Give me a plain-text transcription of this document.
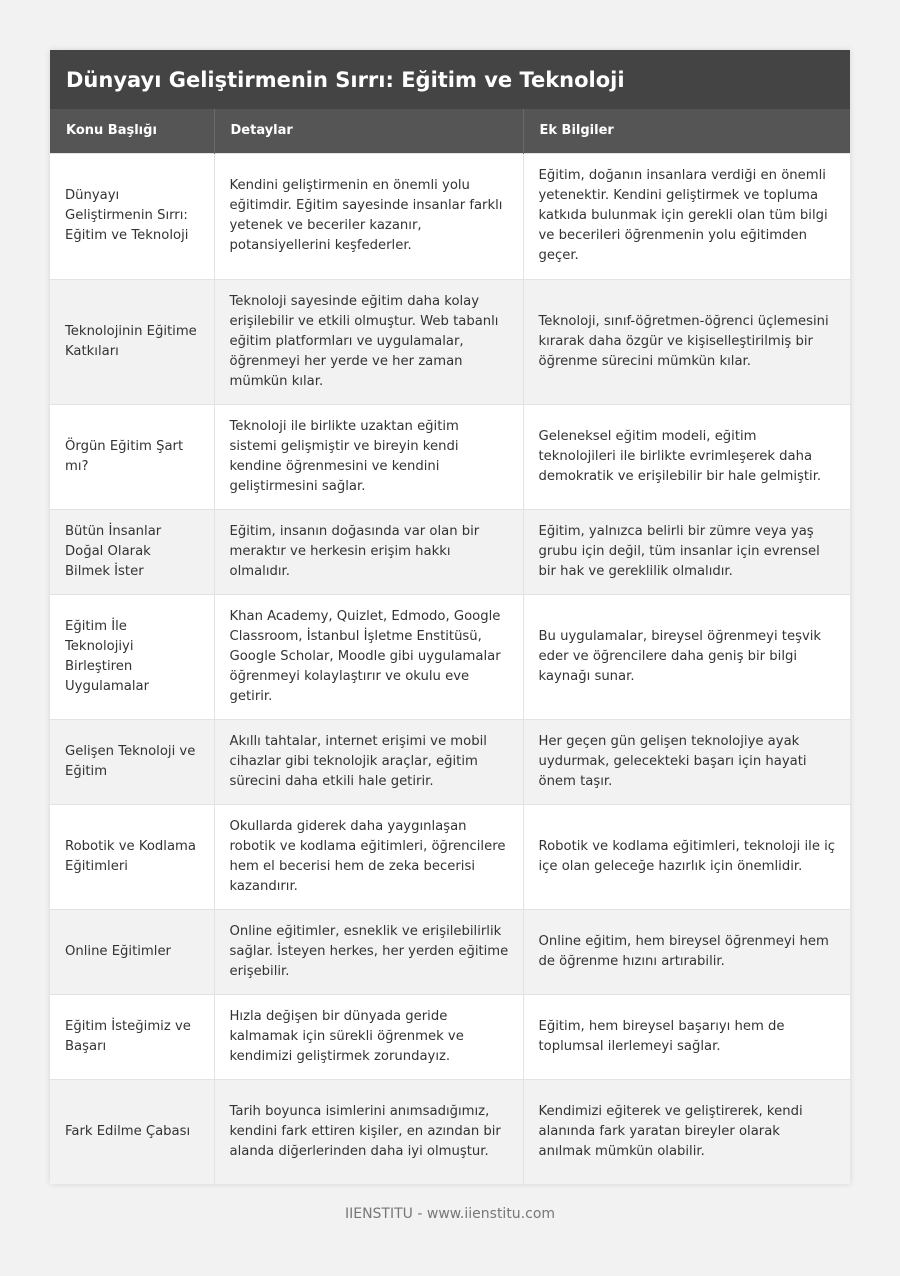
Dünyayı Geliştirmenin Sırrı: Eğitim ve Teknoloji
Konu Başlığı	Detaylar	Ek Bilgiler
Dünyayı Geliştirmenin Sırrı: Eğitim ve Teknoloji	Kendini geliştirmenin en önemli yolu eğitimdir. Eğitim sayesinde insanlar farklı yetenek ve beceriler kazanır, potansiyellerini keşfederler.	Eğitim, doğanın insanlara verdiği en önemli yetenektir. Kendini geliştirmek ve topluma katkıda bulunmak için gerekli olan tüm bilgi ve becerileri öğrenmenin yolu eğitimden geçer.
Teknolojinin Eğitime Katkıları	Teknoloji sayesinde eğitim daha kolay erişilebilir ve etkili olmuştur. Web tabanlı eğitim platformları ve uygulamalar, öğrenmeyi her yerde ve her zaman mümkün kılar.	Teknoloji, sınıf-öğretmen-öğrenci üçlemesini kırarak daha özgür ve kişiselleştirilmiş bir öğrenme sürecini mümkün kılar.
Örgün Eğitim Şart mı?	Teknoloji ile birlikte uzaktan eğitim sistemi gelişmiştir ve bireyin kendi kendine öğrenmesini ve kendini geliştirmesini sağlar.	Geleneksel eğitim modeli, eğitim teknolojileri ile birlikte evrimleşerek daha demokratik ve erişilebilir bir hale gelmiştir.
Bütün İnsanlar Doğal Olarak Bilmek İster	Eğitim, insanın doğasında var olan bir meraktır ve herkesin erişim hakkı olmalıdır.	Eğitim, yalnızca belirli bir zümre veya yaş grubu için değil, tüm insanlar için evrensel bir hak ve gereklilik olmalıdır.
Eğitim İle Teknolojiyi Birleştiren Uygulamalar	Khan Academy, Quizlet, Edmodo, Google Classroom, İstanbul İşletme Enstitüsü, Google Scholar, Moodle gibi uygulamalar öğrenmeyi kolaylaştırır ve okulu eve getirir.	Bu uygulamalar, bireysel öğrenmeyi teşvik eder ve öğrencilere daha geniş bir bilgi kaynağı sunar.
Gelişen Teknoloji ve Eğitim	Akıllı tahtalar, internet erişimi ve mobil cihazlar gibi teknolojik araçlar, eğitim sürecini daha etkili hale getirir.	Her geçen gün gelişen teknolojiye ayak uydurmak, gelecekteki başarı için hayati önem taşır.
Robotik ve Kodlama Eğitimleri	Okullarda giderek daha yaygınlaşan robotik ve kodlama eğitimleri, öğrencilere hem el becerisi hem de zeka becerisi kazandırır.	Robotik ve kodlama eğitimleri, teknoloji ile iç içe olan geleceğe hazırlık için önemlidir.
Online Eğitimler	Online eğitimler, esneklik ve erişilebilirlik sağlar. İsteyen herkes, her yerden eğitime erişebilir.	Online eğitim, hem bireysel öğrenmeyi hem de öğrenme hızını artırabilir.
Eğitim İsteğimiz ve Başarı	Hızla değişen bir dünyada geride kalmamak için sürekli öğrenmek ve kendimizi geliştirmek zorundayız.	Eğitim, hem bireysel başarıyı hem de toplumsal ilerlemeyi sağlar.
Fark Edilme Çabası	Tarih boyunca isimlerini anımsadığımız, kendini fark ettiren kişiler, en azından bir alanda diğerlerinden daha iyi olmuştur.	Kendimizi eğiterek ve geliştirerek, kendi alanında fark yaratan bireyler olarak anılmak mümkün olabilir.
IIENSTITU - www.iienstitu.com
